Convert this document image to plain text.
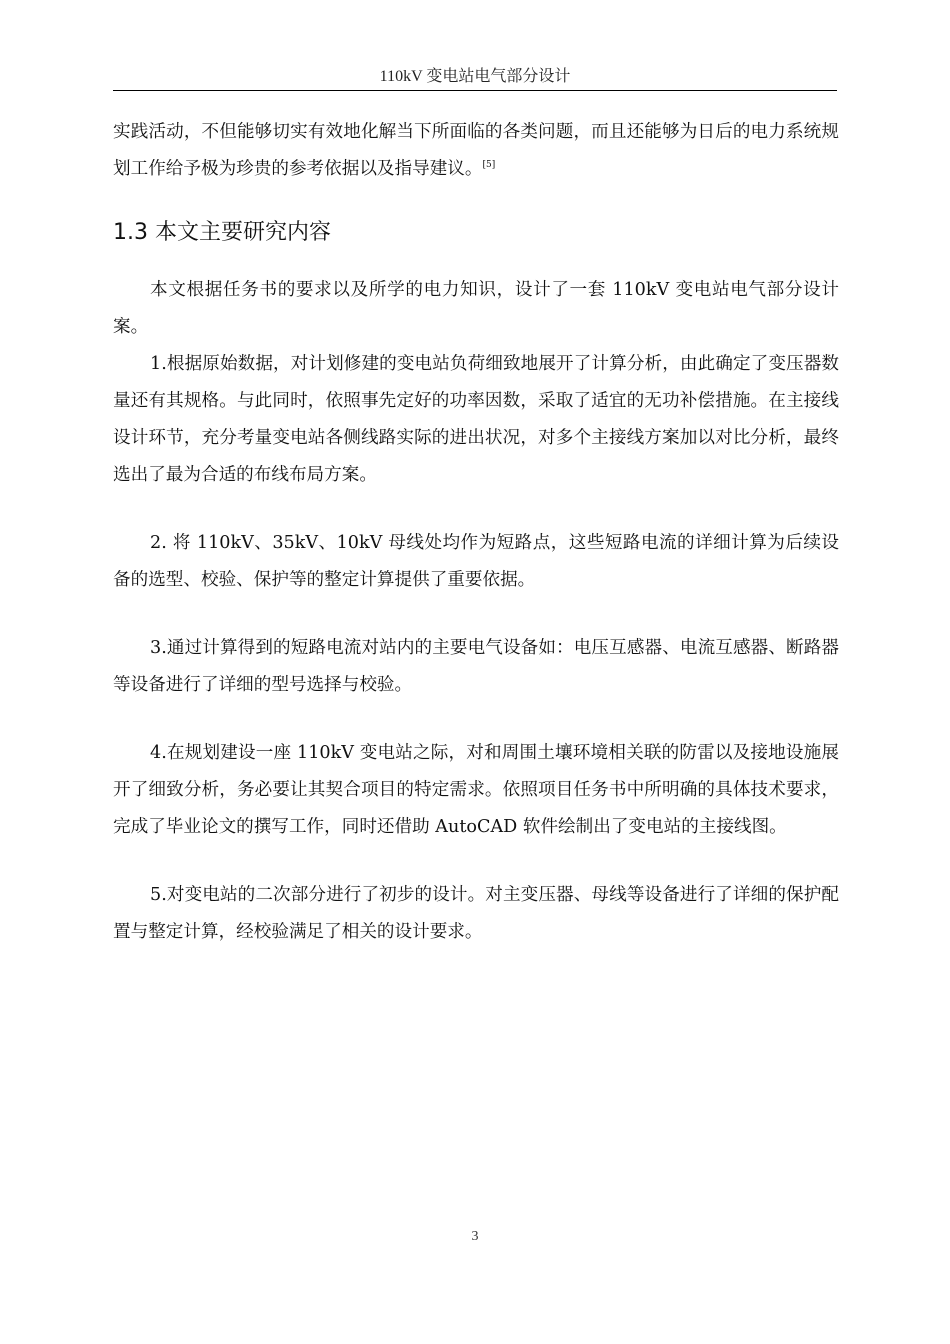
110kV 变电站电气部分设计

实践活动，不但能够切实有效地化解当下所面临的各类问题，而且还能够为日后的电力系统规划工作给予极为珍贵的参考依据以及指导建议。[5]

1.3 本文主要研究内容

本文根据任务书的要求以及所学的电力知识，设计了一套 110kV 变电站电气部分设计案。

1.根据原始数据，对计划修建的变电站负荷细致地展开了计算分析，由此确定了变压器数量还有其规格。与此同时，依照事先定好的功率因数，采取了适宜的无功补偿措施。在主接线设计环节，充分考量变电站各侧线路实际的进出状况，对多个主接线方案加以对比分析，最终选出了最为合适的布线布局方案。

2. 将 110kV、35kV、10kV 母线处均作为短路点，这些短路电流的详细计算为后续设备的选型、校验、保护等的整定计算提供了重要依据。

3.通过计算得到的短路电流对站内的主要电气设备如：电压互感器、电流互感器、断路器等设备进行了详细的型号选择与校验。

4.在规划建设一座 110kV 变电站之际，对和周围土壤环境相关联的防雷以及接地设施展开了细致分析，务必要让其契合项目的特定需求。依照项目任务书中所明确的具体技术要求，完成了毕业论文的撰写工作，同时还借助 AutoCAD 软件绘制出了变电站的主接线图。

5.对变电站的二次部分进行了初步的设计。对主变压器、母线等设备进行了详细的保护配置与整定计算，经校验满足了相关的设计要求。

3
